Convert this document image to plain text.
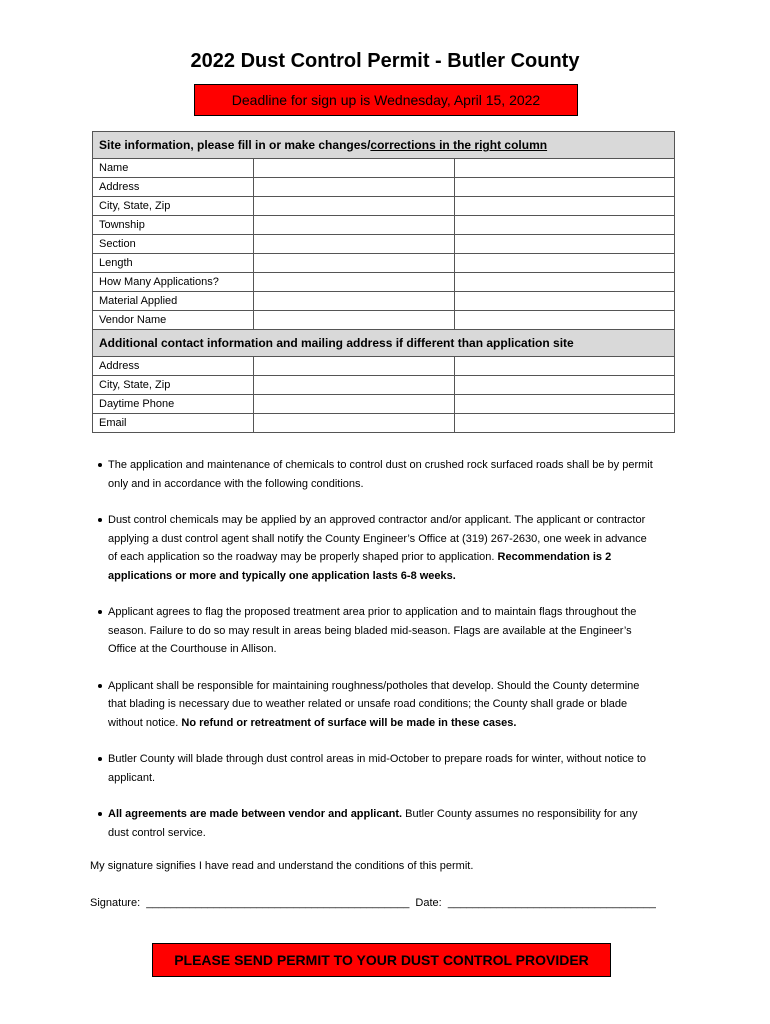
2022 Dust Control Permit - Butler County
Deadline for sign up is Wednesday, April 15, 2022
Site information, please fill in or make changes/corrections in the right column		
Name		
Address		
City, State, Zip		
Township		
Section		
Length		
How Many Applications?		
Material Applied		
Vendor Name		
Additional contact information and mailing address if different than application site		
Address		
City, State, Zip		
Daytime Phone		
Email		
The application and maintenance of chemicals to control dust on crushed rock surfaced roads shall be by permit only and in accordance with the following conditions.
Dust control chemicals may be applied by an approved contractor and/or applicant. The applicant or contractor applying a dust control agent shall notify the County Engineer’s Office at (319) 267-2630, one week in advance of each application so the roadway may be properly shaped prior to application. Recommendation is 2 applications or more and typically one application lasts 6-8 weeks.
Applicant agrees to flag the proposed treatment area prior to application and to maintain flags throughout the season. Failure to do so may result in areas being bladed mid-season. Flags are available at the Engineer’s Office at the Courthouse in Allison.
Applicant shall be responsible for maintaining roughness/potholes that develop. Should the County determine that blading is necessary due to weather related or unsafe road conditions; the County shall grade or blade without notice. No refund or retreatment of surface will be made in these cases.
Butler County will blade through dust control areas in mid-October to prepare roads for winter, without notice to applicant.
All agreements are made between vendor and applicant. Butler County assumes no responsibility for any dust control service.
My signature signifies I have read and understand the conditions of this permit.
Signature:  ___________________________________________  Date:  __________________________________
PLEASE SEND PERMIT TO YOUR DUST CONTROL PROVIDER
